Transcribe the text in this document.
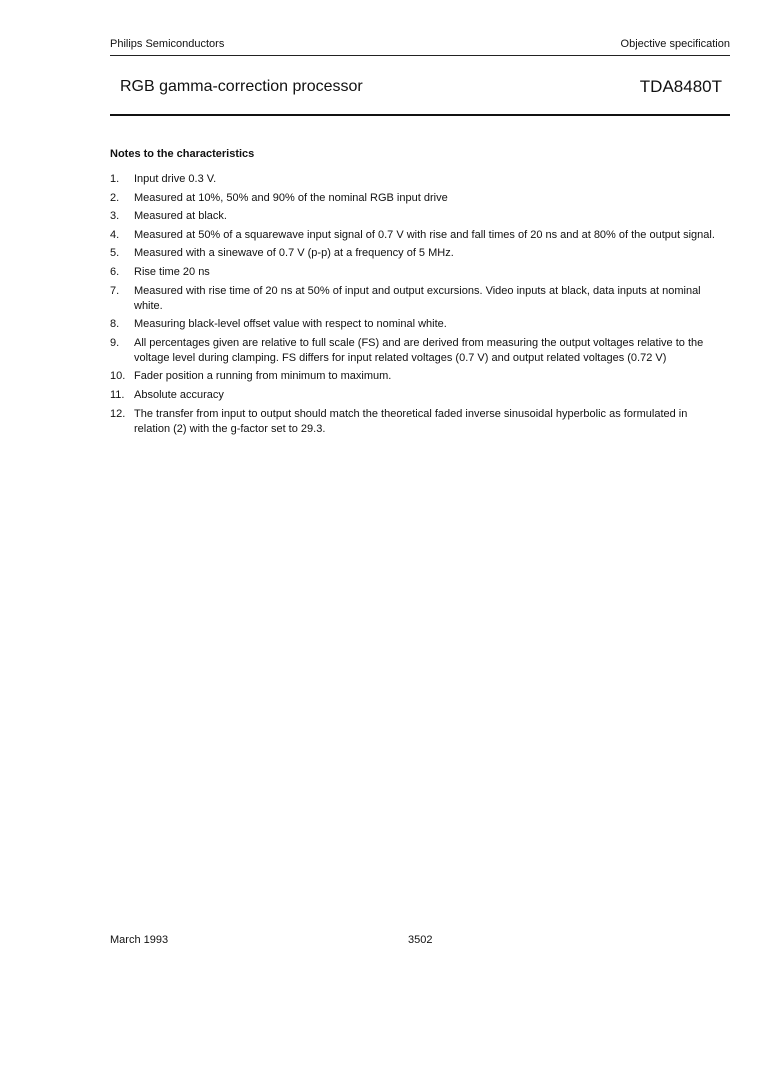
Philips Semiconductors	Objective specification
RGB gamma-correction processor	TDA8480T
Notes to the characteristics
1.	Input drive 0.3 V.
2.	Measured at 10%, 50% and 90% of the nominal RGB input drive
3.	Measured at black.
4.	Measured at 50% of a squarewave input signal of 0.7 V with rise and fall times of 20 ns and at 80% of the output signal.
5.	Measured with a sinewave of 0.7 V (p-p) at a frequency of 5 MHz.
6.	Rise time 20 ns
7.	Measured with rise time of 20 ns at 50% of input and output excursions. Video inputs at black, data inputs at nominal white.
8.	Measuring black-level offset value with respect to nominal white.
9.	All percentages given are relative to full scale (FS) and are derived from measuring the output voltages relative to the voltage level during clamping. FS differs for input related voltages (0.7 V) and output related voltages (0.72 V)
10. Fader position a running from minimum to maximum.
11. Absolute accuracy
12. The transfer from input to output should match the theoretical faded inverse sinusoidal hyperbolic as formulated in relation (2) with the g-factor set to 29.3.
March 1993	3502
